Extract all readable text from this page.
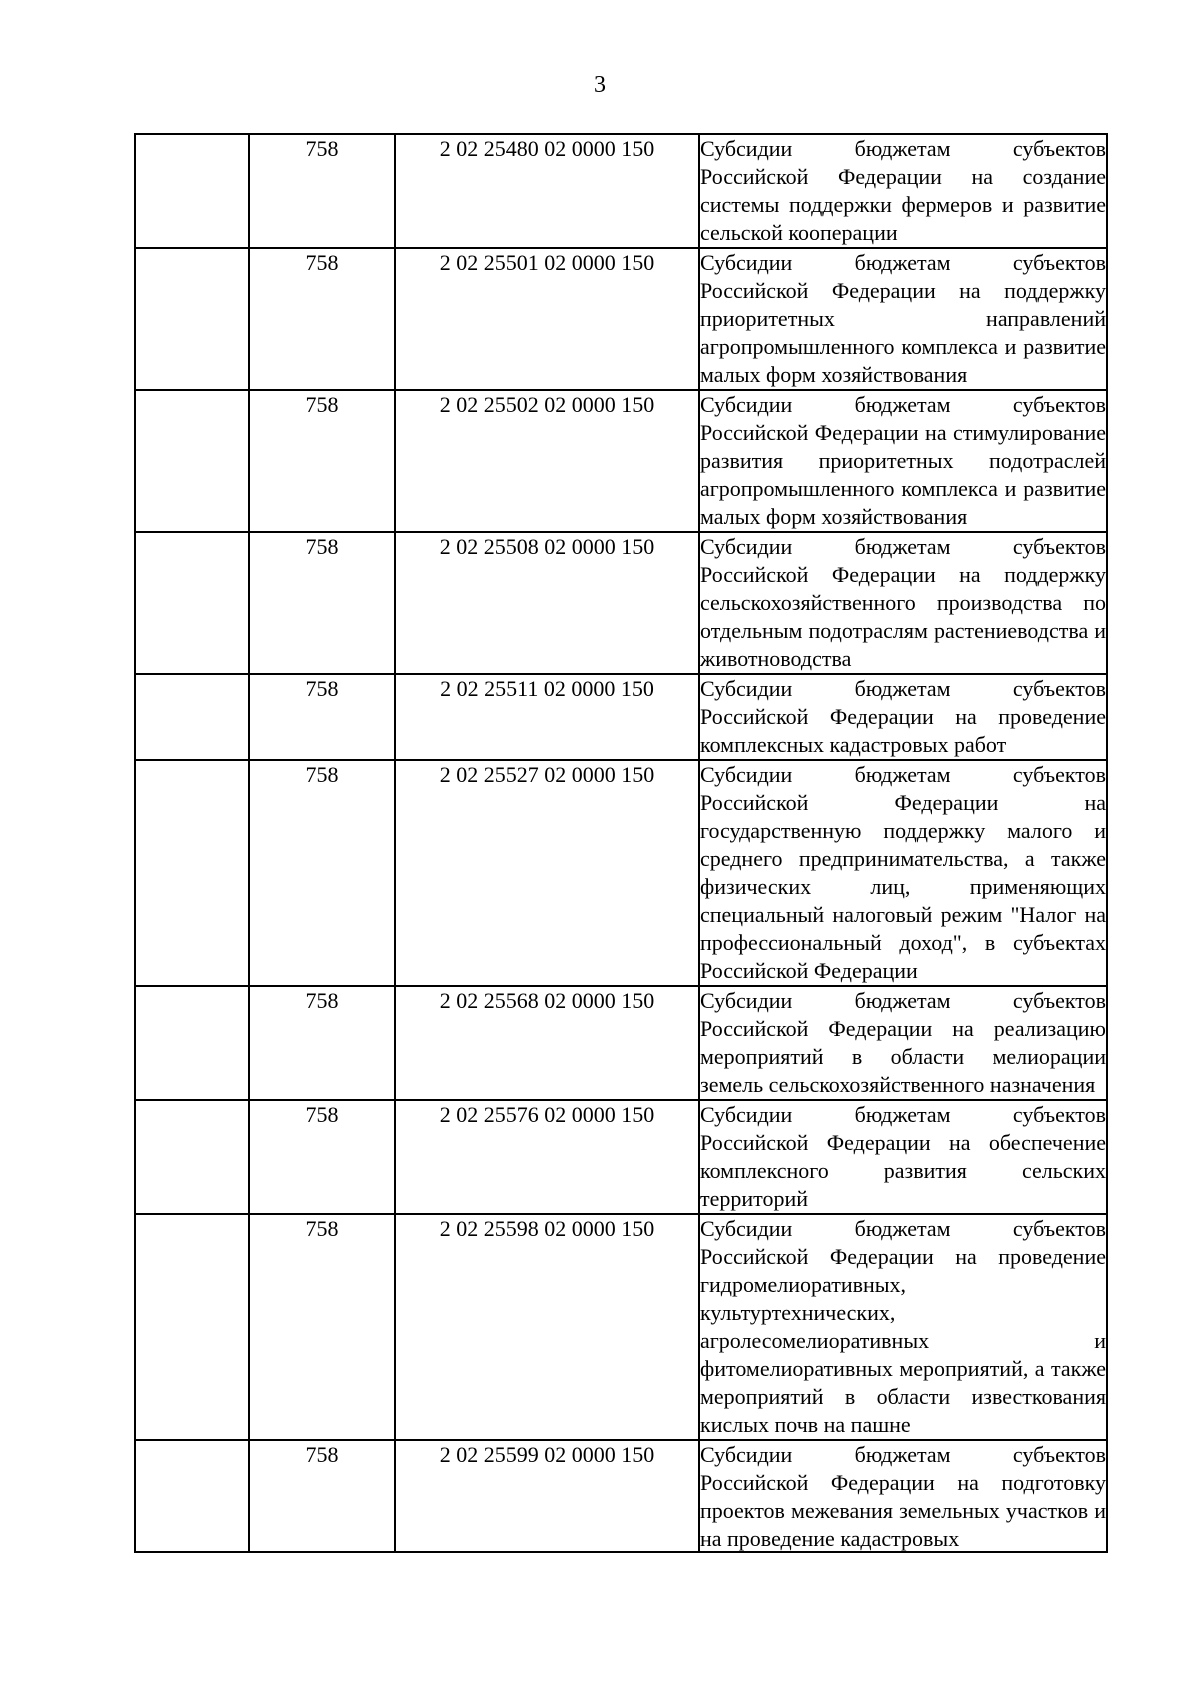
3
	758	2 02 25480 02 0000 150	Субсидии бюджетам субъектов Российской Федерации на создание системы поддержки фермеров и развитие сельской кооперации
	758	2 02 25501 02 0000 150	Субсидии бюджетам субъектов Российской Федерации на поддержку приоритетных направлений агропромышленного комплекса и развитие малых форм хозяйствования
	758	2 02 25502 02 0000 150	Субсидии бюджетам субъектов Российской Федерации на стимулирование развития приоритетных подотраслей агропромышленного комплекса и развитие малых форм хозяйствования
	758	2 02 25508 02 0000 150	Субсидии бюджетам субъектов Российской Федерации на поддержку сельскохозяйственного производства по отдельным подотраслям растениеводства и животноводства
	758	2 02 25511 02 0000 150	Субсидии бюджетам субъектов Российской Федерации на проведение комплексных кадастровых работ
	758	2 02 25527 02 0000 150	Субсидии бюджетам субъектов Российской Федерации на государственную поддержку малого и среднего предпринимательства, а также физических лиц, применяющих специальный налоговый режим "Налог на профессиональный доход", в субъектах Российской Федерации
	758	2 02 25568 02 0000 150	Субсидии бюджетам субъектов Российской Федерации на реализацию мероприятий в области мелиорации земель сельскохозяйственного назначения
	758	2 02 25576 02 0000 150	Субсидии бюджетам субъектов Российской Федерации на обеспечение комплексного развития сельских территорий
	758	2 02 25598 02 0000 150	Субсидии бюджетам субъектов Российской Федерации на проведение гидромелиоративных, культуртехнических, агролесомелиоративных и фитомелиоративных мероприятий, а также мероприятий в области известкования кислых почв на пашне
	758	2 02 25599 02 0000 150	Субсидии бюджетам субъектов Российской Федерации на подготовку проектов межевания земельных участков и на проведение кадастровых
